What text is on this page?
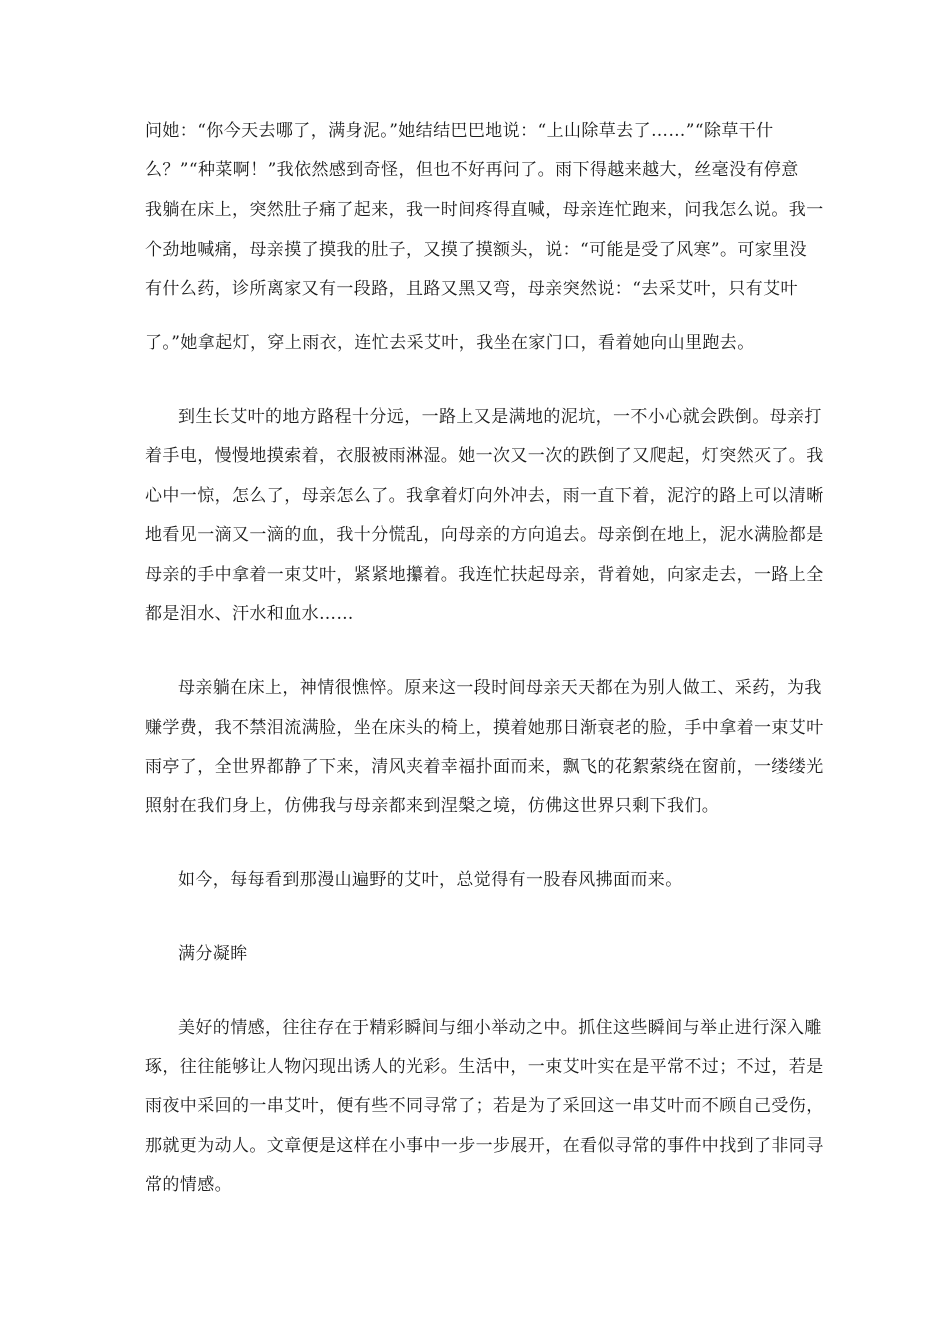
问她：“你今天去哪了，满身泥。”她结结巴巴地说：“上山除草去了……”“除草干什
么？”“种菜啊！”我依然感到奇怪，但也不好再问了。雨下得越来越大，丝毫没有停意
我躺在床上，突然肚子痛了起来，我一时间疼得直喊，母亲连忙跑来，问我怎么说。我一
个劲地喊痛，母亲摸了摸我的肚子，又摸了摸额头，说：“可能是受了风寒”。可家里没
有什么药，诊所离家又有一段路，且路又黑又弯，母亲突然说：“去采艾叶，只有艾叶
了。”她拿起灯，穿上雨衣，连忙去采艾叶，我坐在家门口，看着她向山里跑去。
到生长艾叶的地方路程十分远，一路上又是满地的泥坑，一不小心就会跌倒。母亲打
着手电，慢慢地摸索着，衣服被雨淋湿。她一次又一次的跌倒了又爬起，灯突然灭了。我
心中一惊，怎么了，母亲怎么了。我拿着灯向外冲去，雨一直下着，泥泞的路上可以清晰
地看见一滴又一滴的血，我十分慌乱，向母亲的方向追去。母亲倒在地上，泥水满脸都是
母亲的手中拿着一束艾叶，紧紧地攥着。我连忙扶起母亲，背着她，向家走去，一路上全
都是泪水、汗水和血水……
母亲躺在床上，神情很憔悴。原来这一段时间母亲天天都在为别人做工、采药，为我
赚学费，我不禁泪流满脸，坐在床头的椅上，摸着她那日渐衰老的脸，手中拿着一束艾叶
雨亭了，全世界都静了下来，清风夹着幸福扑面而来，飘飞的花絮萦绕在窗前，一缕缕光
照射在我们身上，仿佛我与母亲都来到涅槃之境，仿佛这世界只剩下我们。
如今，每每看到那漫山遍野的艾叶，总觉得有一股春风拂面而来。
满分凝眸
美好的情感，往往存在于精彩瞬间与细小举动之中。抓住这些瞬间与举止进行深入雕
琢，往往能够让人物闪现出诱人的光彩。生活中，一束艾叶实在是平常不过；不过，若是
雨夜中采回的一串艾叶，便有些不同寻常了；若是为了采回这一串艾叶而不顾自己受伤，
那就更为动人。文章便是这样在小事中一步一步展开，在看似寻常的事件中找到了非同寻
常的情感。
